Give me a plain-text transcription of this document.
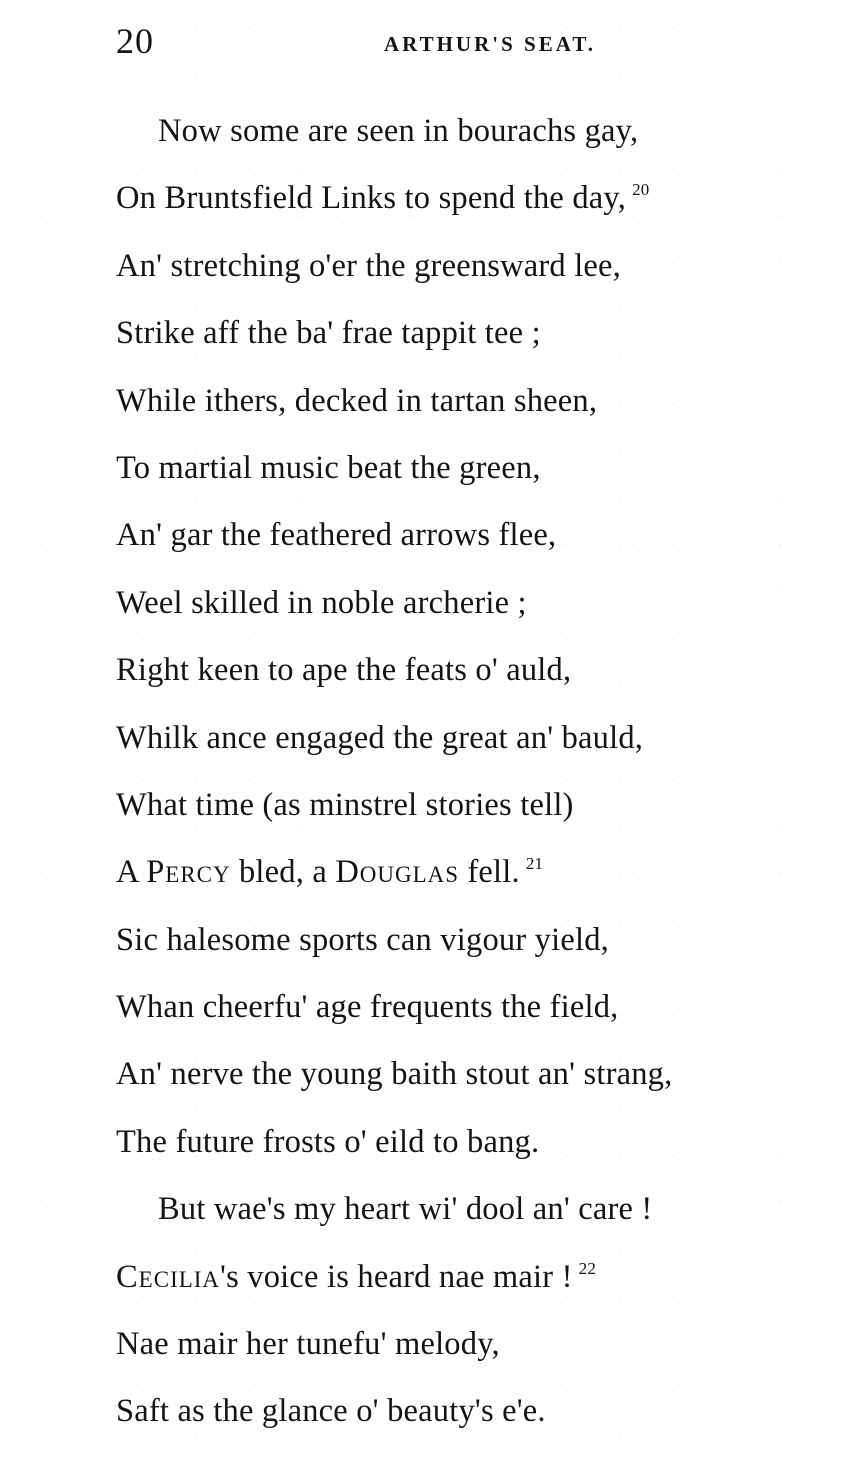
20	ARTHUR'S SEAT.
Now some are seen in bourachs gay,
On Bruntsfield Links to spend the day, $^{20}$
An' stretching o'er the greensward lee,
Strike aff the ba' frae tappit tee ;
While ithers, decked in tartan sheen,
To martial music beat the green,
An' gar the feathered arrows flee,
Weel skilled in noble archerie ;
Right keen to ape the feats o' auld,
Whilk ance engaged the great an' bauld,
What time (as minstrel stories tell)
A Percy bled, a Douglas fell. $^{21}$
Sic halesome sports can vigour yield,
Whan cheerfu' age frequents the field,
An' nerve the young baith stout an' strang,
The future frosts o' eild to bang.
But wae's my heart wi' dool an' care !
Cecilia's voice is heard nae mair ! $^{22}$
Nae mair her tunefu' melody,
Saft as the glance o' beauty's e'e.
